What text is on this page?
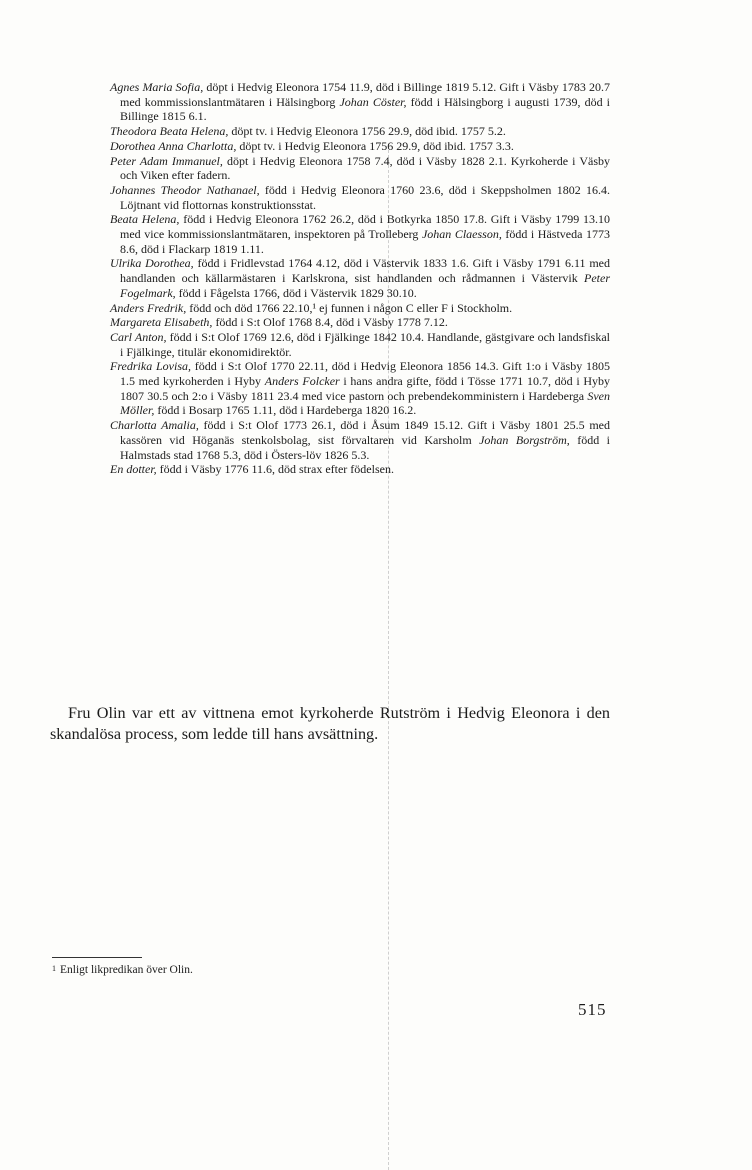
Agnes Maria Sofia, döpt i Hedvig Eleonora 1754 11.9, död i Billinge 1819 5.12. Gift i Väsby 1783 20.7 med kommissionslantmätaren i Hälsingborg Johan Cöster, född i Hälsingborg i augusti 1739, död i Billinge 1815 6.1.

Theodora Beata Helena, döpt tv. i Hedvig Eleonora 1756 29.9, död ibid. 1757 5.2.

Dorothea Anna Charlotta, döpt tv. i Hedvig Eleonora 1756 29.9, död ibid. 1757 3.3.

Peter Adam Immanuel, döpt i Hedvig Eleonora 1758 7.4, död i Väsby 1828 2.1. Kyrkoherde i Väsby och Viken efter fadern.

Johannes Theodor Nathanael, född i Hedvig Eleonora 1760 23.6, död i Skeppsholmen 1802 16.4. Löjtnant vid flottornas konstruktionsstat.

Beata Helena, född i Hedvig Eleonora 1762 26.2, död i Botkyrka 1850 17.8. Gift i Väsby 1799 13.10 med vice kommissionslantmätaren, inspektoren på Trolleberg Johan Claesson, född i Hästveda 1773 8.6, död i Flackarp 1819 1.11.

Ulrika Dorothea, född i Fridlevstad 1764 4.12, död i Västervik 1833 1.6. Gift i Väsby 1791 6.11 med handlanden och källarmästaren i Karlskrona, sist handlanden och rådmannen i Västervik Peter Fogelmark, född i Fågelsta 1766, död i Västervik 1829 30.10.

Anders Fredrik, född och död 1766 22.10,¹ ej funnen i någon C eller F i Stockholm.

Margareta Elisabeth, född i S:t Olof 1768 8.4, död i Väsby 1778 7.12.

Carl Anton, född i S:t Olof 1769 12.6, död i Fjälkinge 1842 10.4. Handlande, gästgivare och landsfiskal i Fjälkinge, titulär ekonomidirektör.

Fredrika Lovisa, född i S:t Olof 1770 22.11, död i Hedvig Eleonora 1856 14.3. Gift 1:o i Väsby 1805 1.5 med kyrkoherden i Hyby Anders Folcker i hans andra gifte, född i Tösse 1771 10.7, död i Hyby 1807 30.5 och 2:o i Väsby 1811 23.4 med vice pastorn och prebendekomministern i Hardeberga Sven Möller, född i Bosarp 1765 1.11, död i Hardeberga 1820 16.2.

Charlotta Amalia, född i S:t Olof 1773 26.1, död i Åsum 1849 15.12. Gift i Väsby 1801 25.5 med kassören vid Höganäs stenkolsbolag, sist förvaltaren vid Karsholm Johan Borgström, född i Halmstads stad 1768 5.3, död i Östers-löv 1826 5.3.

En dotter, född i Väsby 1776 11.6, död strax efter födelsen.

Fru Olin var ett av vittnena emot kyrkoherde Rutström i Hedvig Eleonora i den skandalösa process, som ledde till hans avsättning.

$^1$ Enligt likpredikan över Olin.
515
